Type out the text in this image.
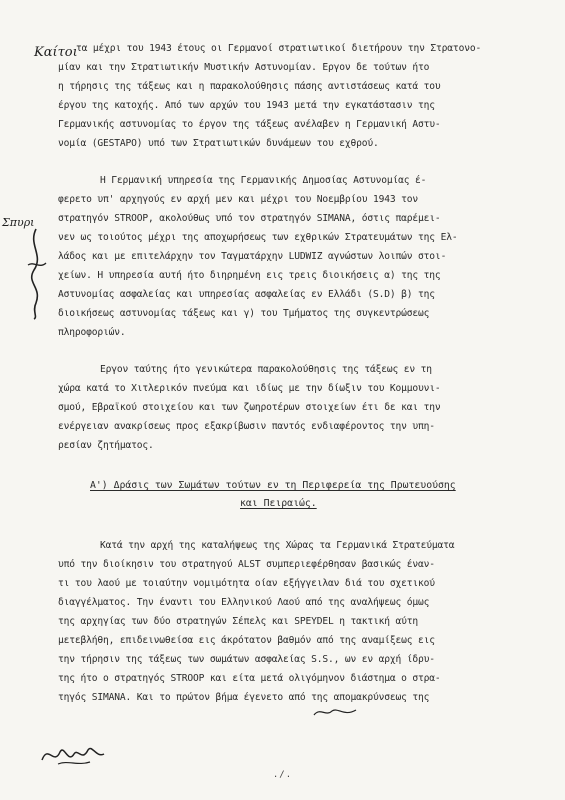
Καίτοι
Σπυρι
τα μέχρι του 1943 έτους οι Γερμανοί στρατιωτικοί διετήρουν την Στρατονο-
μίαν και την Στρατιωτικήν Μυστικήν Αστυνομίαν. Εργον δε τούτων ήτο
η τήρησις της τάξεως και η παρακολούθησις πάσης αντιστάσεως κατά του
έργου της κατοχής. Από των αρχών του 1943 μετά την εγκατάστασιν της
Γερμανικής αστυνομίας το έργον της τάξεως ανέλαβεν η Γερμανική Αστυ-
νομία (GESTAPO) υπό των Στρατιωτικών δυνάμεων του εχθρού.
Η Γερμανική υπηρεσία της Γερμανικής Δημοσίας Αστυνομίας έ-
φερετο υπ' αρχηγούς εν αρχή μεν και μέχρι του Νοεμβρίου 1943 τον
στρατηγόν STROOP, ακολούθως υπό τον στρατηγόν SIMANA, όστις παρέμει-
νεν ως τοιούτος μέχρι της αποχωρήσεως των εχθρικών Στρατευμάτων της Ελ-
λάδος και με επιτελάρχην τον Ταγματάρχην LUDWIZ αγνώστων λοιπών στοι-
χείων. Η υπηρεσία αυτή ήτο διηρημένη εις τρεις διοικήσεις α) της της
Αστυνομίας ασφαλείας και υπηρεσίας ασφαλείας εν Ελλάδι (S.D) β) της
διοικήσεως αστυνομίας τάξεως και γ) του Τμήματος της συγκεντρώσεως
πληροφοριών.
Εργον ταύτης ήτο γενικώτερα παρακολούθησις της τάξεως εν τη
χώρα κατά το Χιτλερικόν πνεύμα και ιδίως με την δίωξιν του Κομμουνι-
σμού, Εβραϊκού στοιχείου και των ζωηροτέρων στοιχείων έτι δε και την
ενέργειαν ανακρίσεως προς εξακρίβωσιν παντός ενδιαφέροντος την υπη-
ρεσίαν ζητήματος.
Α') Δράσις των Σωμάτων τούτων εν τη Περιφερεία της Πρωτευούσης
και Πειραιώς.
Κατά την αρχή της καταλήψεως της Χώρας τα Γερμανικά Στρατεύματα
υπό την διοίκησιν του στρατηγού ALST συμπεριεφέρθησαν βασικώς έναν-
τι του λαού με τοιαύτην νομιμότητα οίαν εξήγγειλαν διά του σχετικού
διαγγέλματος. Την έναντι του Ελληνικού Λαού από της αναλήψεως όμως
της αρχηγίας των δύο στρατηγών Σέπελς και SPEYDEL η τακτική αύτη
μετεβλήθη, επιδεινωθείσα εις άκρότατον βαθμόν από της αναμίξεως εις
την τήρησιν της τάξεως των σωμάτων ασφαλείας S.S., ων εν αρχή ίδρυ-
της ήτο ο στρατηγός STROOP και είτα μετά ολιγόμηνον διάστημα ο στρα-
τηγός SIMANA. Και το πρώτον βήμα έγενετο από της απομακρύνσεως της
./.
